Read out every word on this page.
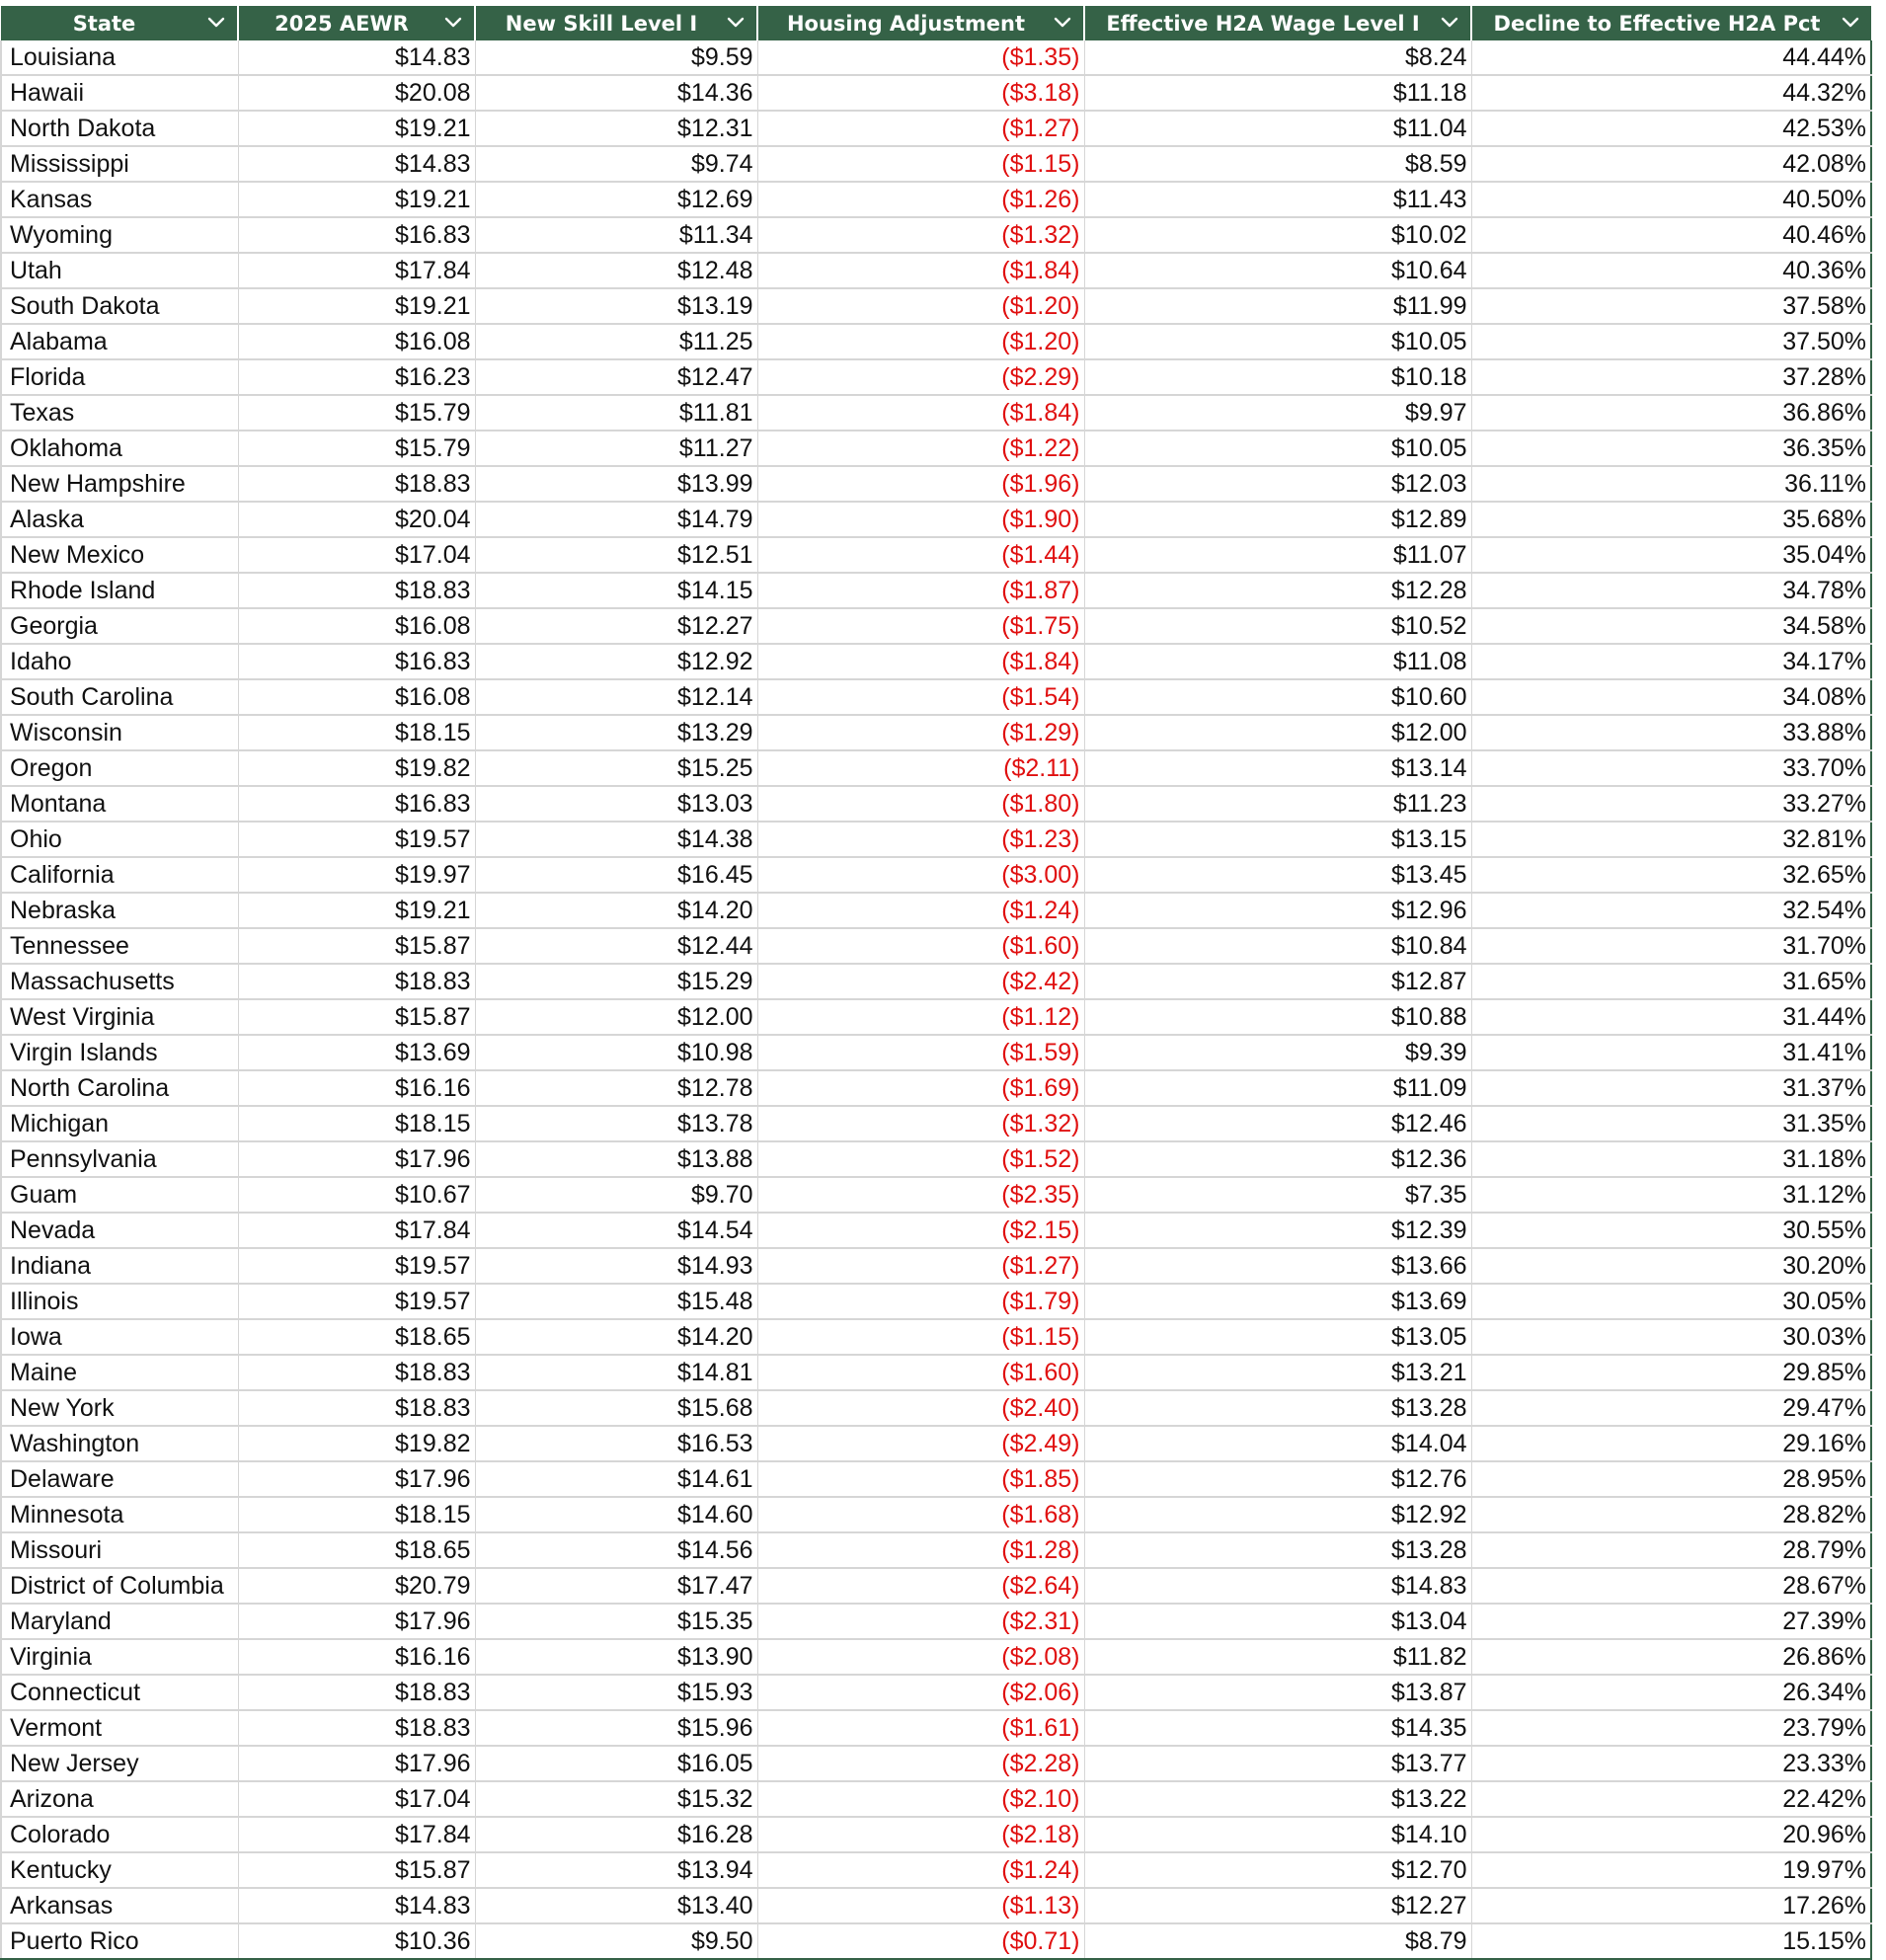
State	2025 AEWR	New Skill Level I	Housing Adjustment	Effective H2A Wage Level I	Decline to Effective H2A Pct

Louisiana	$14.83	$9.59	($1.35)	$8.24	44.44%
Hawaii	$20.08	$14.36	($3.18)	$11.18	44.32%
North Dakota	$19.21	$12.31	($1.27)	$11.04	42.53%
Mississippi	$14.83	$9.74	($1.15)	$8.59	42.08%
Kansas	$19.21	$12.69	($1.26)	$11.43	40.50%
Wyoming	$16.83	$11.34	($1.32)	$10.02	40.46%
Utah	$17.84	$12.48	($1.84)	$10.64	40.36%
South Dakota	$19.21	$13.19	($1.20)	$11.99	37.58%
Alabama	$16.08	$11.25	($1.20)	$10.05	37.50%
Florida	$16.23	$12.47	($2.29)	$10.18	37.28%
Texas	$15.79	$11.81	($1.84)	$9.97	36.86%
Oklahoma	$15.79	$11.27	($1.22)	$10.05	36.35%
New Hampshire	$18.83	$13.99	($1.96)	$12.03	36.11%
Alaska	$20.04	$14.79	($1.90)	$12.89	35.68%
New Mexico	$17.04	$12.51	($1.44)	$11.07	35.04%
Rhode Island	$18.83	$14.15	($1.87)	$12.28	34.78%
Georgia	$16.08	$12.27	($1.75)	$10.52	34.58%
Idaho	$16.83	$12.92	($1.84)	$11.08	34.17%
South Carolina	$16.08	$12.14	($1.54)	$10.60	34.08%
Wisconsin	$18.15	$13.29	($1.29)	$12.00	33.88%
Oregon	$19.82	$15.25	($2.11)	$13.14	33.70%
Montana	$16.83	$13.03	($1.80)	$11.23	33.27%
Ohio	$19.57	$14.38	($1.23)	$13.15	32.81%
California	$19.97	$16.45	($3.00)	$13.45	32.65%
Nebraska	$19.21	$14.20	($1.24)	$12.96	32.54%
Tennessee	$15.87	$12.44	($1.60)	$10.84	31.70%
Massachusetts	$18.83	$15.29	($2.42)	$12.87	31.65%
West Virginia	$15.87	$12.00	($1.12)	$10.88	31.44%
Virgin Islands	$13.69	$10.98	($1.59)	$9.39	31.41%
North Carolina	$16.16	$12.78	($1.69)	$11.09	31.37%
Michigan	$18.15	$13.78	($1.32)	$12.46	31.35%
Pennsylvania	$17.96	$13.88	($1.52)	$12.36	31.18%
Guam	$10.67	$9.70	($2.35)	$7.35	31.12%
Nevada	$17.84	$14.54	($2.15)	$12.39	30.55%
Indiana	$19.57	$14.93	($1.27)	$13.66	30.20%
Illinois	$19.57	$15.48	($1.79)	$13.69	30.05%
Iowa	$18.65	$14.20	($1.15)	$13.05	30.03%
Maine	$18.83	$14.81	($1.60)	$13.21	29.85%
New York	$18.83	$15.68	($2.40)	$13.28	29.47%
Washington	$19.82	$16.53	($2.49)	$14.04	29.16%
Delaware	$17.96	$14.61	($1.85)	$12.76	28.95%
Minnesota	$18.15	$14.60	($1.68)	$12.92	28.82%
Missouri	$18.65	$14.56	($1.28)	$13.28	28.79%
District of Columbia	$20.79	$17.47	($2.64)	$14.83	28.67%
Maryland	$17.96	$15.35	($2.31)	$13.04	27.39%
Virginia	$16.16	$13.90	($2.08)	$11.82	26.86%
Connecticut	$18.83	$15.93	($2.06)	$13.87	26.34%
Vermont	$18.83	$15.96	($1.61)	$14.35	23.79%
New Jersey	$17.96	$16.05	($2.28)	$13.77	23.33%
Arizona	$17.04	$15.32	($2.10)	$13.22	22.42%
Colorado	$17.84	$16.28	($2.18)	$14.10	20.96%
Kentucky	$15.87	$13.94	($1.24)	$12.70	19.97%
Arkansas	$14.83	$13.40	($1.13)	$12.27	17.26%
Puerto Rico	$10.36	$9.50	($0.71)	$8.79	15.15%
